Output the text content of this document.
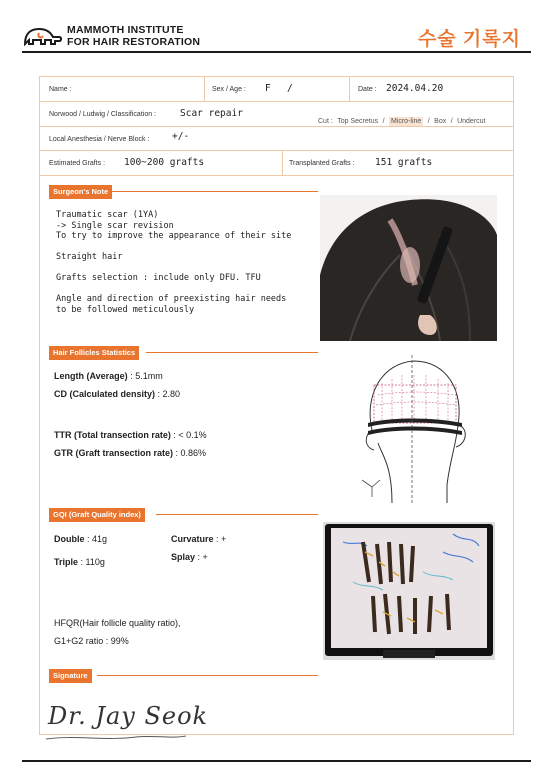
MAMMOTH INSTITUTE
FOR HAIR RESTORATION	수술 기록지
Name :	Sex / Age : F /	Date : 2024.04.20
Norwood / Ludwig / Classification :	Scar repair
Cut : Top Secretus / Micro-line / Box / Undercut
Local Anesthesia / Nerve Block : +/-
Estimated Grafts : 100~200 grafts	Transplanted Grafts : 151 grafts
Surgeon's Note
Traumatic scar (1YA)
-> Single scar revision
To try to improve the appearance of their site
Straight hair
Grafts selection : include only DFU. TFU
Angle and direction of preexisting hair needs
to be followed meticulously
Hair Follicles Statistics
Length (Average) : 5.1mm
CD (Calculated density) : 2.80
TTR (Total transection rate) : < 0.1%
GTR (Graft transection rate) : 0.86%
GQI (Graft Quality index)
Double : 41g
Triple : 110g
Curvature : +
Splay : +
HFQR(Hair follicle quality ratio),
G1+G2 ratio : 99%
Signature
Dr. Jay Seok
